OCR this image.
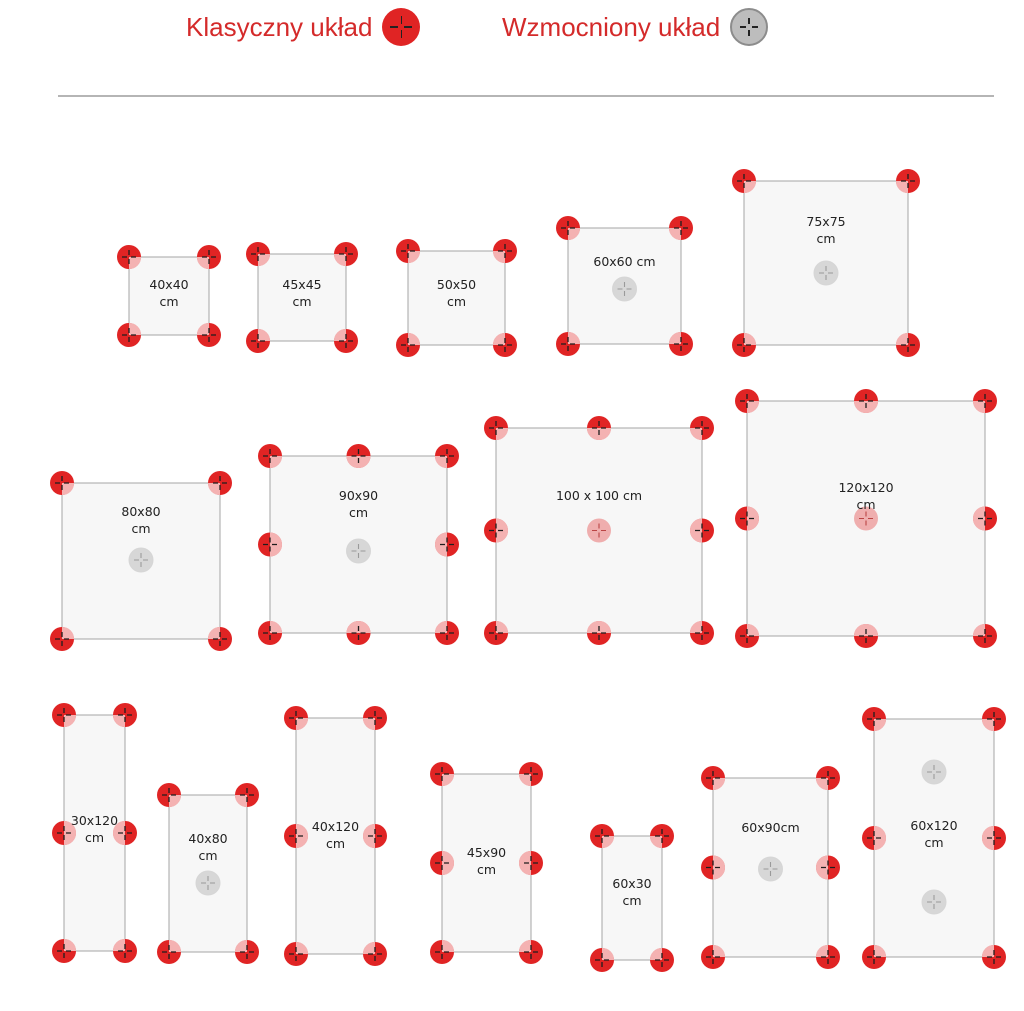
Klasyczny układ	Wzmocniony układ
40x40
cm
45x45
cm
50x50
cm
60x60 cm
75x75
cm
80x80
cm
90x90
cm
100 x 100 cm
120x120
cm
30x120
cm	40x80
cm
40x120
cm
45x90
cm
60x30
cm
60x90cm	60x120
cm
